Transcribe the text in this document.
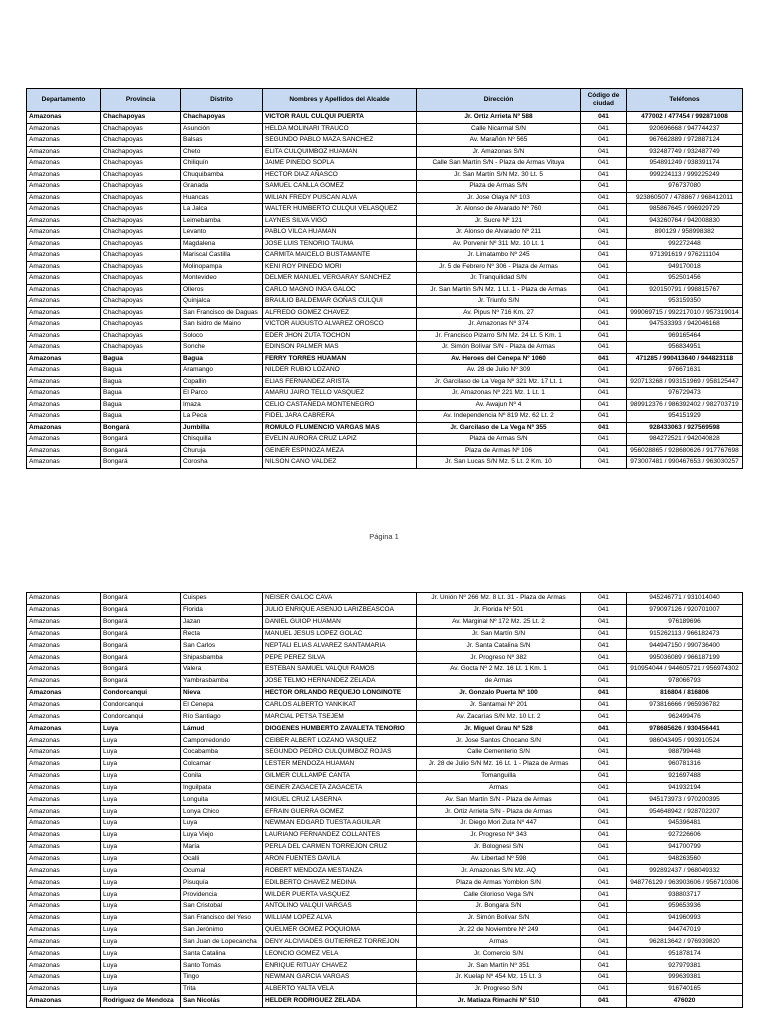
Departamento	Provincia	Distrito	Nombres y Apellidos del Alcalde	Dirección	Código de ciudad	Teléfonos
Amazonas	Chachapoyas	Chachapoyas	VICTOR RAUL CULQUI PUERTA	Jr. Ortiz Arrieta Nº 588	041	477002 / 477454 / 992871008
Amazonas	Chachapoyas	Asunción	HELDA MOLINARI TRAUCO	Calle Nicarmal S/N	041	920696668 / 947744237
Amazonas	Chachapoyas	Balsas	SEGUNDO PABLO MAZA SANCHEZ	Av. Marañón Nº 565	041	967662889 / 972887124
Amazonas	Chachapoyas	Cheto	ELITA CULQUIMBOZ HUAMAN	Jr. Amazonas S/N	041	932487749 / 932487749
Amazonas	Chachapoyas	Chiliquín	JAIME PINEDO SOPLA	Calle San Martín S/N - Plaza de Armas Vituya	041	954891249 / 938391174
Amazonas	Chachapoyas	Chuquibamba	HECTOR DIAZ AÑASCO	Jr. San Martín S/N Mz. 30 Lt. 5	041	999224113 / 999225249
Amazonas	Chachapoyas	Granada	SAMUEL CANLLA GOMEZ	Plaza de Armas S/N	041	976737080
Amazonas	Chachapoyas	Huancas	WILIAN FREDY PUSCAN ALVA	Jr. Jose Olaya Nº 103	041	923860507 / 478867 / 968412011
Amazonas	Chachapoyas	La Jalca	WALTER HUMBERTO CULQUI VELASQUEZ	Jr. Alonso de Alvarado Nº 760	041	985867645 / 996929729
Amazonas	Chachapoyas	Leimebamba	LAYNES SILVA VIGO	Jr. Sucre Nº 121	041	943260764 / 942008830
Amazonas	Chachapoyas	Levanto	PABLO VILCA HUAMAN	Jr. Alonso de Alvarado Nº 211	041	890129 / 958998382
Amazonas	Chachapoyas	Magdalena	JOSE LUIS TENORIO TAUMA	Av. Porvenir Nº 311 Mz. 10 Lt. 1	041	992272448
Amazonas	Chachapoyas	Mariscal Castilla	CARMITA MAICELO BUSTAMANTE	Jr. Limatambo Nº 245	041	971391619 / 976211104
Amazonas	Chachapoyas	Molinopampa	KENI ROY PINEDO MORI	Jr. 5 de Febrero Nº 306 - Plaza de Armas	041	949170018
Amazonas	Chachapoyas	Montevideo	DELMER MANUEL VERGARAY SANCHEZ	Jr. Tranquilidad S/N	041	952501456
Amazonas	Chachapoyas	Olleros	CARLO MAGNO INGA GALOC	Jr. San Martín S/N Mz. 1 Lt. 1 - Plaza de Armas	041	920150791 / 998815767
Amazonas	Chachapoyas	Quinjalca	BRAULIO BALDEMAR GOÑAS CULQUI	Jr. Triunfo S/N	041	953159350
Amazonas	Chachapoyas	San Francisco de Daguas	ALFREDO GOMEZ CHAVEZ	Av. Pipus Nº 716 Km. 27	041	999069715 / 992217010 / 957319014
Amazonas	Chachapoyas	San Isidro de Maino	VICTOR AUGUSTO ALVAREZ OROSCO	Jr. Amazonas Nº 374	041	947533393 / 942046168
Amazonas	Chachapoyas	Soloco	EDER JHON ZUTA TOCHON	Jr. Francisco Pizarro S/N Mz. 24 Lt. 5 Km. 1	041	969165464
Amazonas	Chachapoyas	Sonche	EDINSON PALMER MAS	Jr. Simón Bolívar S/N - Plaza de Armas	041	956834951
Amazonas	Bagua	Bagua	FERRY TORRES HUAMAN	Av. Heroes del Cenepa Nº 1060	041	471285 / 990413640 / 944823118
Amazonas	Bagua	Aramango	NILDER RUBIO LOZANO	Av. 28 de Julio Nº 309	041	976671631
Amazonas	Bagua	Copallin	ELIAS FERNANDEZ ARISTA	Jr. Garcilaso de La Vega Nº 321 Mz. 17 Lt. 1	041	920713268 / 993151969 / 958125447
Amazonas	Bagua	El Parco	AMARU JAIRO TELLO VASQUEZ	Jr. Amazonas Nº 221 Mz. 1 Lt. 1	041	976729473
Amazonas	Bagua	Imaza	CELIO CASTAÑEDA MONTENEGRO	Av. Awajun Nº 4	041	989912376 / 986392402 / 982703719
Amazonas	Bagua	La Peca	FIDEL JARA CABRERA	Av. Independencia Nº 819 Mz. 62 Lt. 2	041	954151929
Amazonas	Bongará	Jumbilla	ROMULO FLUMENCIO VARGAS MAS	Jr. Garcilaso de La Vega Nº 355	041	928433063 / 927569598
Amazonas	Bongará	Chisquilla	EVELIN AURORA CRUZ LAPIZ	Plaza de Armas S/N	041	984272521 / 942040828
Amazonas	Bongará	Churuja	GEINER ESPINOZA MEZA	Plaza de Armas Nº 106	041	956028865 / 928680626 / 917767698
Amazonas	Bongará	Corosha	NILSON CANO VALDEZ	Jr. San Lucas S/N Mz. 5 Lt. 2 Km. 10	041	973007481 / 990467653 / 963030257
Página 1
Amazonas	Bongará	Cuispes	NEISER GALOC CAVA	Jr. Unión Nº 266 Mz. 8 Lt. 31 - Plaza de Armas	041	945246771 / 931014040
Amazonas	Bongará	Florida	JULIO ENRIQUE ASENJO LARIZBEASCOA	Jr. Florida Nº 501	041	979097126 / 920701007
Amazonas	Bongará	Jazan	DANIEL GUIOP HUAMAN	Av. Marginal Nº 172 Mz. 25 Lt. 2	041	976189696
Amazonas	Bongará	Recta	MANUEL JESUS LOPEZ GOLAC	Jr. San Martín S/N	041	915262113 / 966182473
Amazonas	Bongará	San Carlos	NEPTALI ELIAS ALVAREZ SANTAMARIA	Jr. Santa Catalina S/N	041	944947150 / 990736400
Amazonas	Bongará	Shipasbamba	PEPE PEREZ SILVA	Jr. Progreso Nº 382	041	995036089 / 966187199
Amazonas	Bongará	Valera	ESTEBAN SAMUEL VALQUI RAMOS	Av. Gocta Nº 2 Mz. 16 Lt. 1 Km. 1	041	910954044 / 944605721 / 956974302
Amazonas	Bongará	Yambrasbamba	JOSE TELMO HERNANDEZ ZELADA	de Armas	041	978066793
Amazonas	Condorcanqui	Nieva	HECTOR ORLANDO REQUEJO LONGINOTE	Jr. Gonzalo Puerta Nº 100	041	816804 / 816806
Amazonas	Condorcanqui	El Cenepa	CARLOS ALBERTO YANKIKAT	Jr. Santamai Nº 201	041	973816666 / 965936782
Amazonas	Condorcanqui	Río Santiago	MARCIAL PETSA TSEJEM	Av. Zacarías S/N Mz. 10 Lt. 2	041	962499476
Amazonas	Luya	Lámud	DIOGENES HUMBERTO ZAVALETA TENORIO	Jr. Miguel Grau Nº 528	041	978685626 / 930456441
Amazonas	Luya	Camporredondo	CEIBER ALBERT LOZANO VASQUEZ	Jr. Jose Santos Chocano S/N	041	986043495 / 993910524
Amazonas	Luya	Cocabamba	SEGUNDO PEDRO CULQUIMBOZ ROJAS	Calle Cementerio S/N	041	988799448
Amazonas	Luya	Colcamar	LESTER MENDOZA HUAMAN	Jr. 28 de Julio S/N Mz. 16 Lt. 1 - Plaza de Armas	041	960781316
Amazonas	Luya	Conila	GILMER CULLAMPE CANTA	Tomanguilla	041	921697488
Amazonas	Luya	Inguilpata	GEINER ZAGACETA ZAGACETA	Armas	041	941932194
Amazonas	Luya	Longuita	MIGUEL CRUZ LASERNA	Av. San Martín S/N - Plaza de Armas	041	945173973 / 970200395
Amazonas	Luya	Lonya Chico	EFRAIN GUERRA GOMEZ	Jr. Ortiz Arrieta S/N - Plaza de Armas	041	954648942 / 928702207
Amazonas	Luya	Luya	NEWMAN EDGARD TUESTA AGUILAR	Jr. Diego Mori Zuta Nº 447	041	945396481
Amazonas	Luya	Luya Viejo	LAURIANO FERNANDEZ COLLANTES	Jr. Progreso Nº 343	041	927226606
Amazonas	Luya	María	PERLA DEL CARMEN TORREJON CRUZ	Jr. Bolognesi S/N	041	941700799
Amazonas	Luya	Ocalli	ARON FUENTES DAVILA	Av. Libertad Nº 598	041	948263560
Amazonas	Luya	Ocumal	ROBERT MENDOZA MESTANZA	Jr. Amazonas S/N Mz. AQ	041	992892437 / 968049332
Amazonas	Luya	Pisuquía	EDILBERTO CHAVEZ MEDINA	Plaza de Armas Yomblon S/N	041	948776129 / 963903606 / 956710306
Amazonas	Luya	Providencia	WILDER PUERTA VASQUEZ	Calle Glorioso Vega S/N	041	938803717
Amazonas	Luya	San Cristobal	ANTOLINO VALQUI VARGAS	Jr. Bongara S/N	041	959653936
Amazonas	Luya	San Francisco del Yeso	WILLIAM LOPEZ ALVA	Jr. Simón Bolívar S/N	041	941960993
Amazonas	Luya	San Jerónimo	QUELMER GOMEZ POQUIOMA	Jr. 22 de Noviembre Nº 249	041	944747019
Amazonas	Luya	San Juan de Lopecancha	DENY ALCIVIADES GUTIERREZ TORREJON	Armas	041	962813642 / 976939820
Amazonas	Luya	Santa Catalina	LEONCIO GOMEZ VELA	Jr. Comercio S/N	041	951878174
Amazonas	Luya	Santo Tomás	ENRIQUE RITUAY CHAVEZ	Jr. San Martín Nº 351	041	927979381
Amazonas	Luya	Tingo	NEWMAN GARCIA VARGAS	Jr. Kuelap Nº 454 Mz. 15 Lt. 3	041	999639381
Amazonas	Luya	Trita	ALBERTO YALTA VELA	Jr. Progreso S/N	041	916740165
Amazonas	Rodriguez de Mendoza	San Nicolás	HELDER RODRIGUEZ ZELADA	Jr. Matiaza Rimachi Nº 510	041	476020
